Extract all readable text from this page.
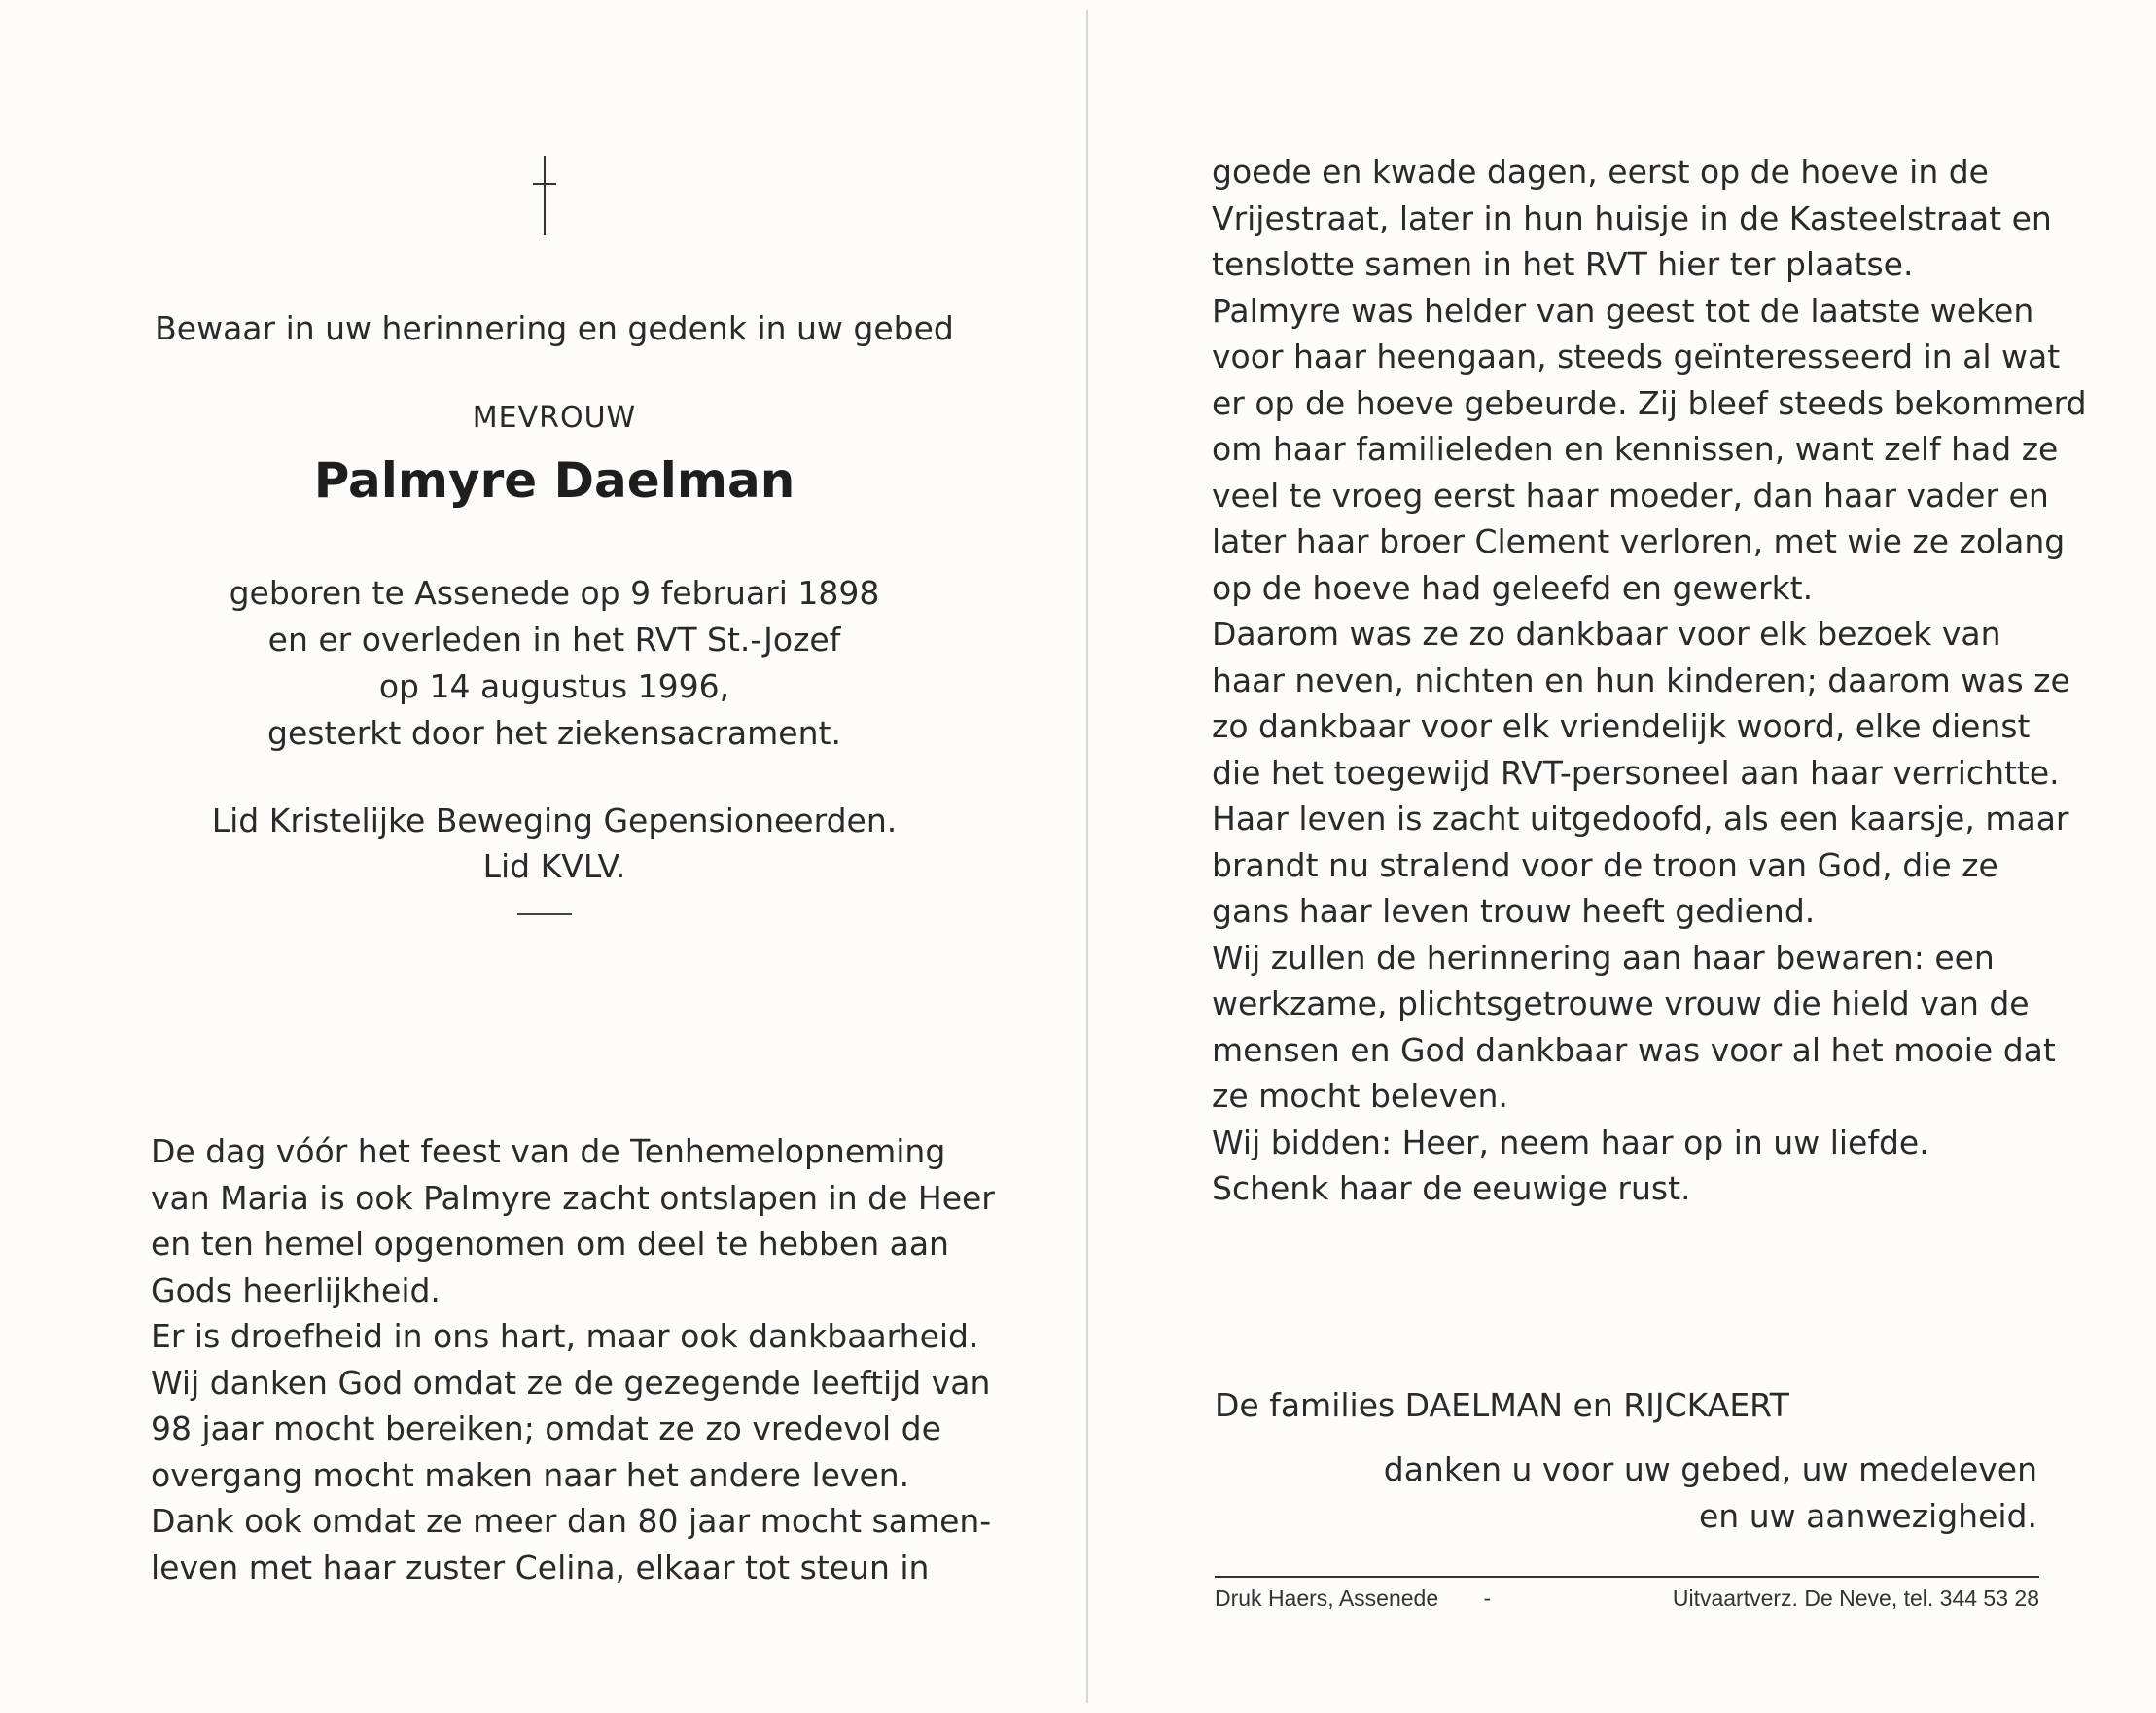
Bewaar in uw herinnering en gedenk in uw gebed
MEVROUW
Palmyre Daelman
geboren te Assenede op 9 februari 1898
en er overleden in het RVT St.-Jozef
op 14 augustus 1996,
gesterkt door het ziekensacrament.
Lid Kristelijke Beweging Gepensioneerden.
Lid KVLV.
De dag vóór het feest van de Tenhemelopneming
van Maria is ook Palmyre zacht ontslapen in de Heer
en ten hemel opgenomen om deel te hebben aan
Gods heerlijkheid.
Er is droefheid in ons hart, maar ook dankbaarheid.
Wij danken God omdat ze de gezegende leeftijd van
98 jaar mocht bereiken; omdat ze zo vredevol de
overgang mocht maken naar het andere leven.
Dank ook omdat ze meer dan 80 jaar mocht samen-
leven met haar zuster Celina, elkaar tot steun in
goede en kwade dagen, eerst op de hoeve in de
Vrijestraat, later in hun huisje in de Kasteelstraat en
tenslotte samen in het RVT hier ter plaatse.
Palmyre was helder van geest tot de laatste weken
voor haar heengaan, steeds geïnteresseerd in al wat
er op de hoeve gebeurde. Zij bleef steeds bekommerd
om haar familieleden en kennissen, want zelf had ze
veel te vroeg eerst haar moeder, dan haar vader en
later haar broer Clement verloren, met wie ze zolang
op de hoeve had geleefd en gewerkt.
Daarom was ze zo dankbaar voor elk bezoek van
haar neven, nichten en hun kinderen; daarom was ze
zo dankbaar voor elk vriendelijk woord, elke dienst
die het toegewijd RVT-personeel aan haar verrichtte.
Haar leven is zacht uitgedoofd, als een kaarsje, maar
brandt nu stralend voor de troon van God, die ze
gans haar leven trouw heeft gediend.
Wij zullen de herinnering aan haar bewaren: een
werkzame, plichtsgetrouwe vrouw die hield van de
mensen en God dankbaar was voor al het mooie dat
ze mocht beleven.
Wij bidden: Heer, neem haar op in uw liefde.
Schenk haar de eeuwige rust.
De families DAELMAN en RIJCKAERT
danken u voor uw gebed, uw medeleven
en uw aanwezigheid.
Druk Haers, Assenede -	Uitvaartverz. De Neve, tel. 344 53 28
